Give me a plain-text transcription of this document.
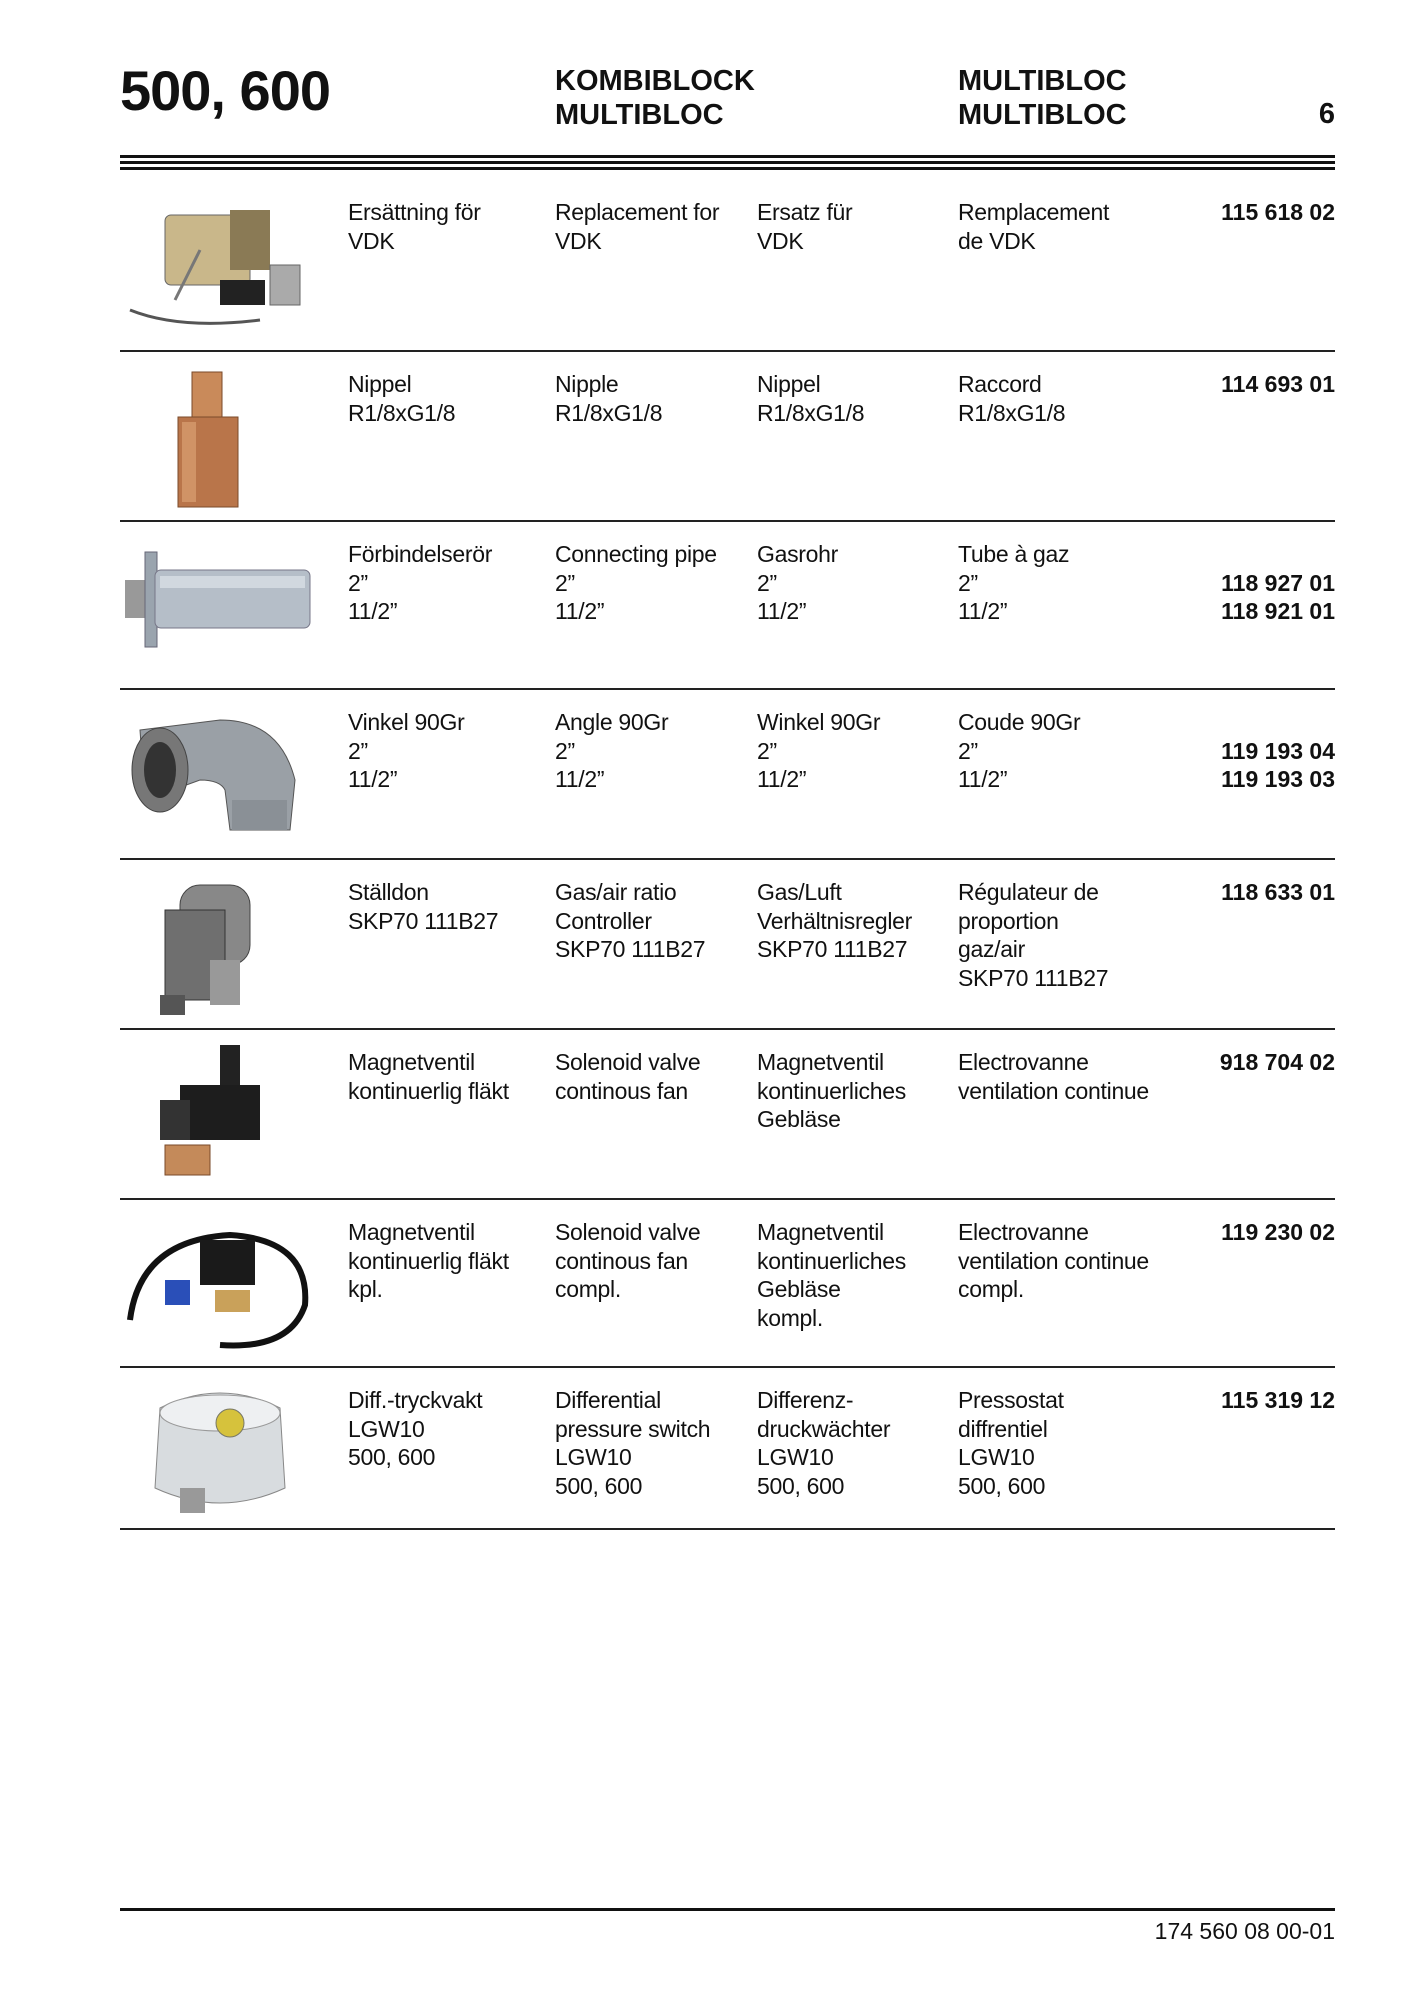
500, 600	KOMBIBLOCK
MULTIBLOC
MULTIBLOC
MULTIBLOC	6
Ersättning för
VDK
Replacement for
VDK
Ersatz für
VDK
Remplacement
de VDK
115 618 02
Nippel
R1/8xG1/8
Nipple
R1/8xG1/8
Nippel
R1/8xG1/8
Raccord
R1/8xG1/8
114 693 01
Förbindelserör
2”
11/2”
Connecting pipe
2”
11/2”
Gasrohr
2”
11/2”
Tube à gaz
2”
11/2”
118 927 01
118 921 01
Vinkel 90Gr
2”
11/2”
Angle 90Gr
2”
11/2”
Winkel 90Gr
2”
11/2”
Coude 90Gr
2”
11/2”
119 193 04
119 193 03
Ställdon
SKP70 111B27
Gas/air ratio
Controller
SKP70 111B27
Gas/Luft
Verhältnisregler
SKP70 111B27
Régulateur de
proportion
gaz/air
SKP70 111B27
118 633 01
Magnetventil
kontinuerlig fläkt
Solenoid valve
continous fan
Magnetventil
kontinuerliches
Gebläse
Electrovanne
ventilation continue
918 704 02
Magnetventil
kontinuerlig fläkt
kpl.
Solenoid valve
continous fan
compl.
Magnetventil
kontinuerliches
Gebläse
kompl.
Electrovanne
ventilation continue
compl.
119 230 02
Diff.-tryckvakt
LGW10
500, 600
Differential
pressure switch
LGW10
500, 600
Differenz-
druckwächter
LGW10
500, 600
Pressostat
diffrentiel
LGW10
500, 600
115 319 12
174 560 08 00-01
